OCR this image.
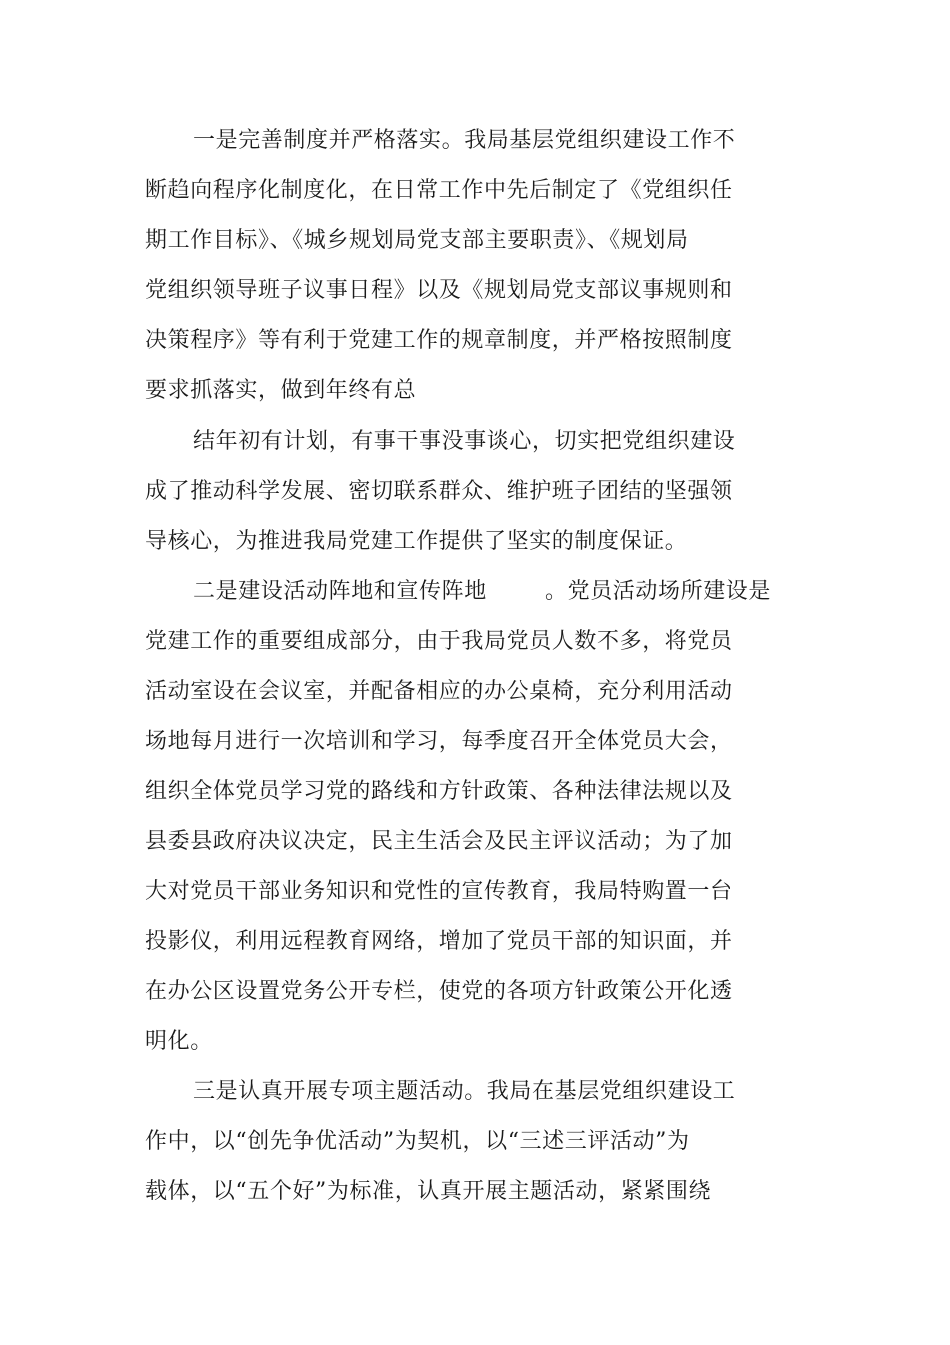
一是完善制度并严格落实。我局基层党组织建设工作不
断趋向程序化制度化，在日常工作中先后制定了《党组织任
期工作目标》、《城乡规划局党支部主要职责》、《规划局
党组织领导班子议事日程》以及《规划局党支部议事规则和
决策程序》等有利于党建工作的规章制度，并严格按照制度
要求抓落实，做到年终有总
结年初有计划，有事干事没事谈心，切实把党组织建设
成了推动科学发展、密切联系群众、维护班子团结的坚强领
导核心，为推进我局党建工作提供了坚实的制度保证。
二是建设活动阵地和宣传阵地	。党员活动场所建设是
党建工作的重要组成部分，由于我局党员人数不多，将党员
活动室设在会议室，并配备相应的办公桌椅，充分利用活动
场地每月进行一次培训和学习，每季度召开全体党员大会，
组织全体党员学习党的路线和方针政策、各种法律法规以及
县委县政府决议决定，民主生活会及民主评议活动；为了加
大对党员干部业务知识和党性的宣传教育，我局特购置一台
投影仪，利用远程教育网络，增加了党员干部的知识面，并
在办公区设置党务公开专栏，使党的各项方针政策公开化透
明化。
三是认真开展专项主题活动。我局在基层党组织建设工
作中，以“创先争优活动”为契机，以“三述三评活动”为
载体，以“五个好”为标准，认真开展主题活动，紧紧围绕
